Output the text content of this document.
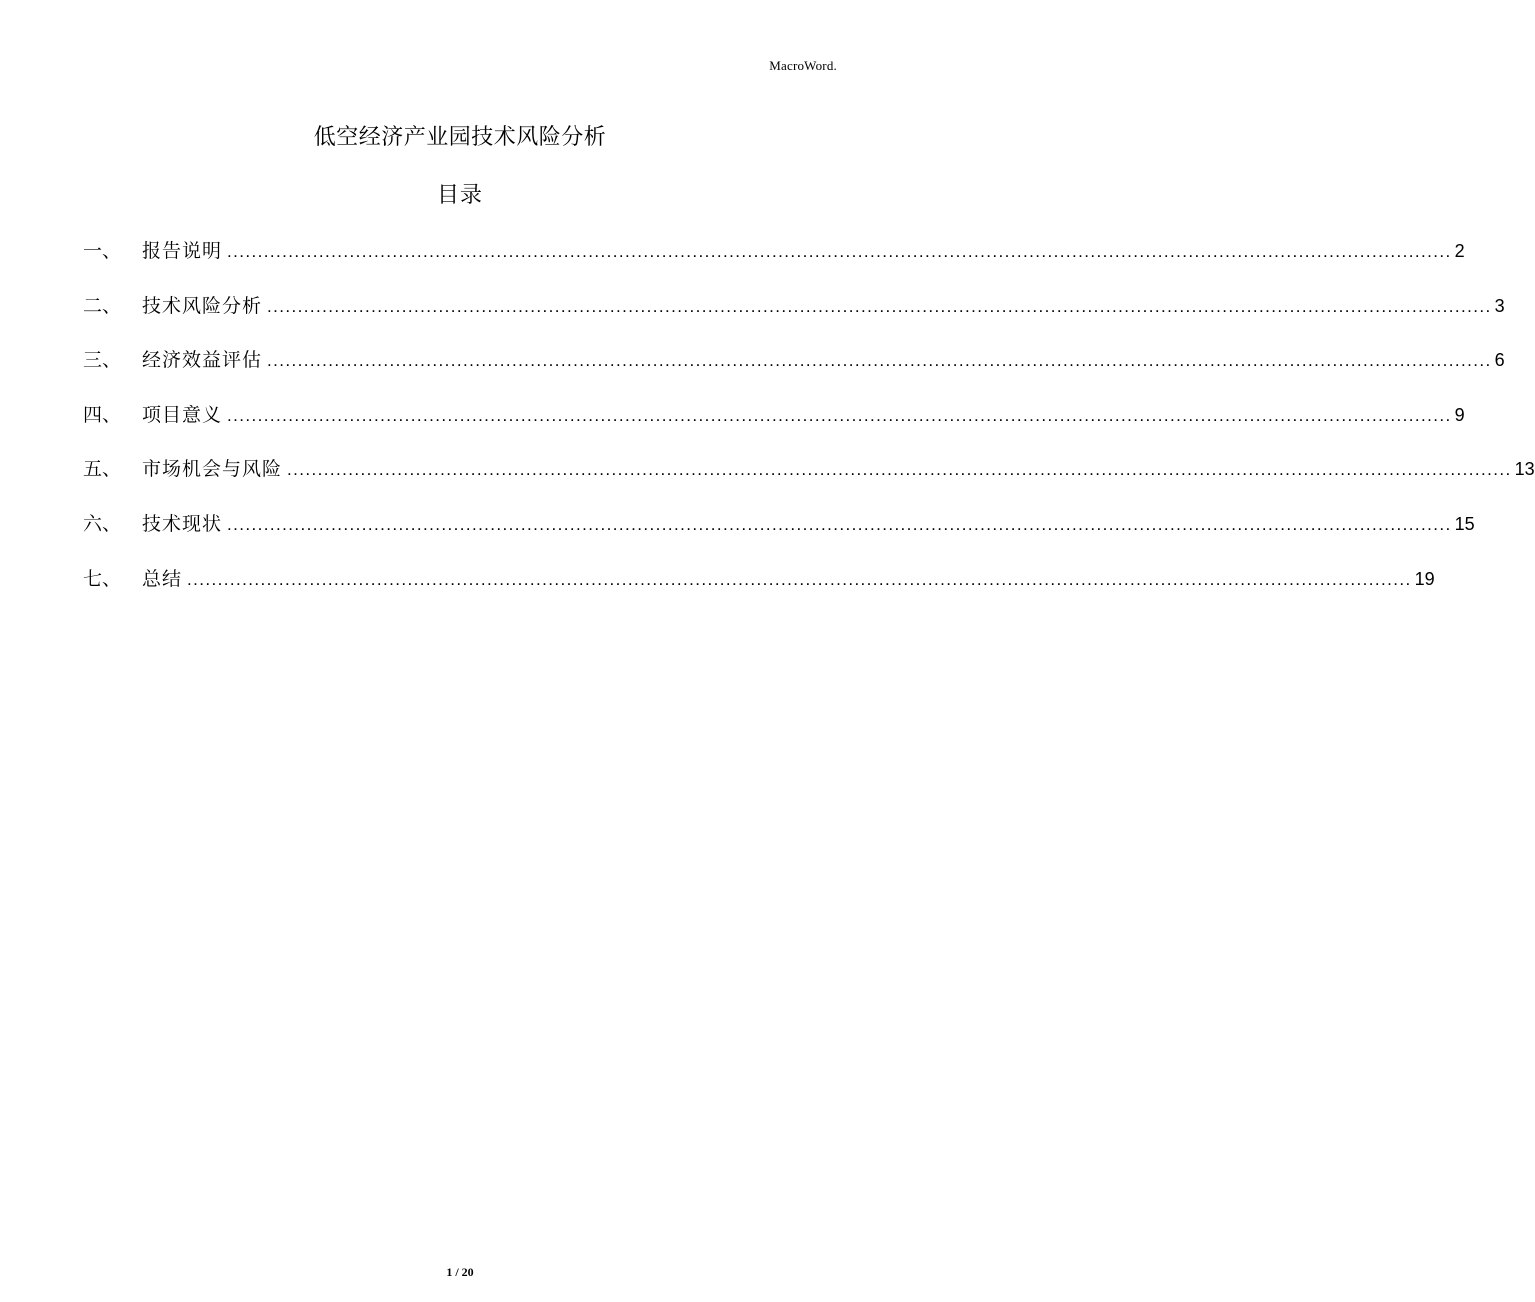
MacroWord.
低空经济产业园技术风险分析
目录
一、	报告说明 ........................................................................................................................................................................................................ 2
二、	技术风险分析 ........................................................................................................................................................................................................ 3
三、	经济效益评估 ........................................................................................................................................................................................................ 6
四、	项目意义 ........................................................................................................................................................................................................ 9
五、	市场机会与风险 ........................................................................................................................................................................................................ 13
六、	技术现状 ........................................................................................................................................................................................................ 15
七、	总结 ........................................................................................................................................................................................................ 19
1 / 20
